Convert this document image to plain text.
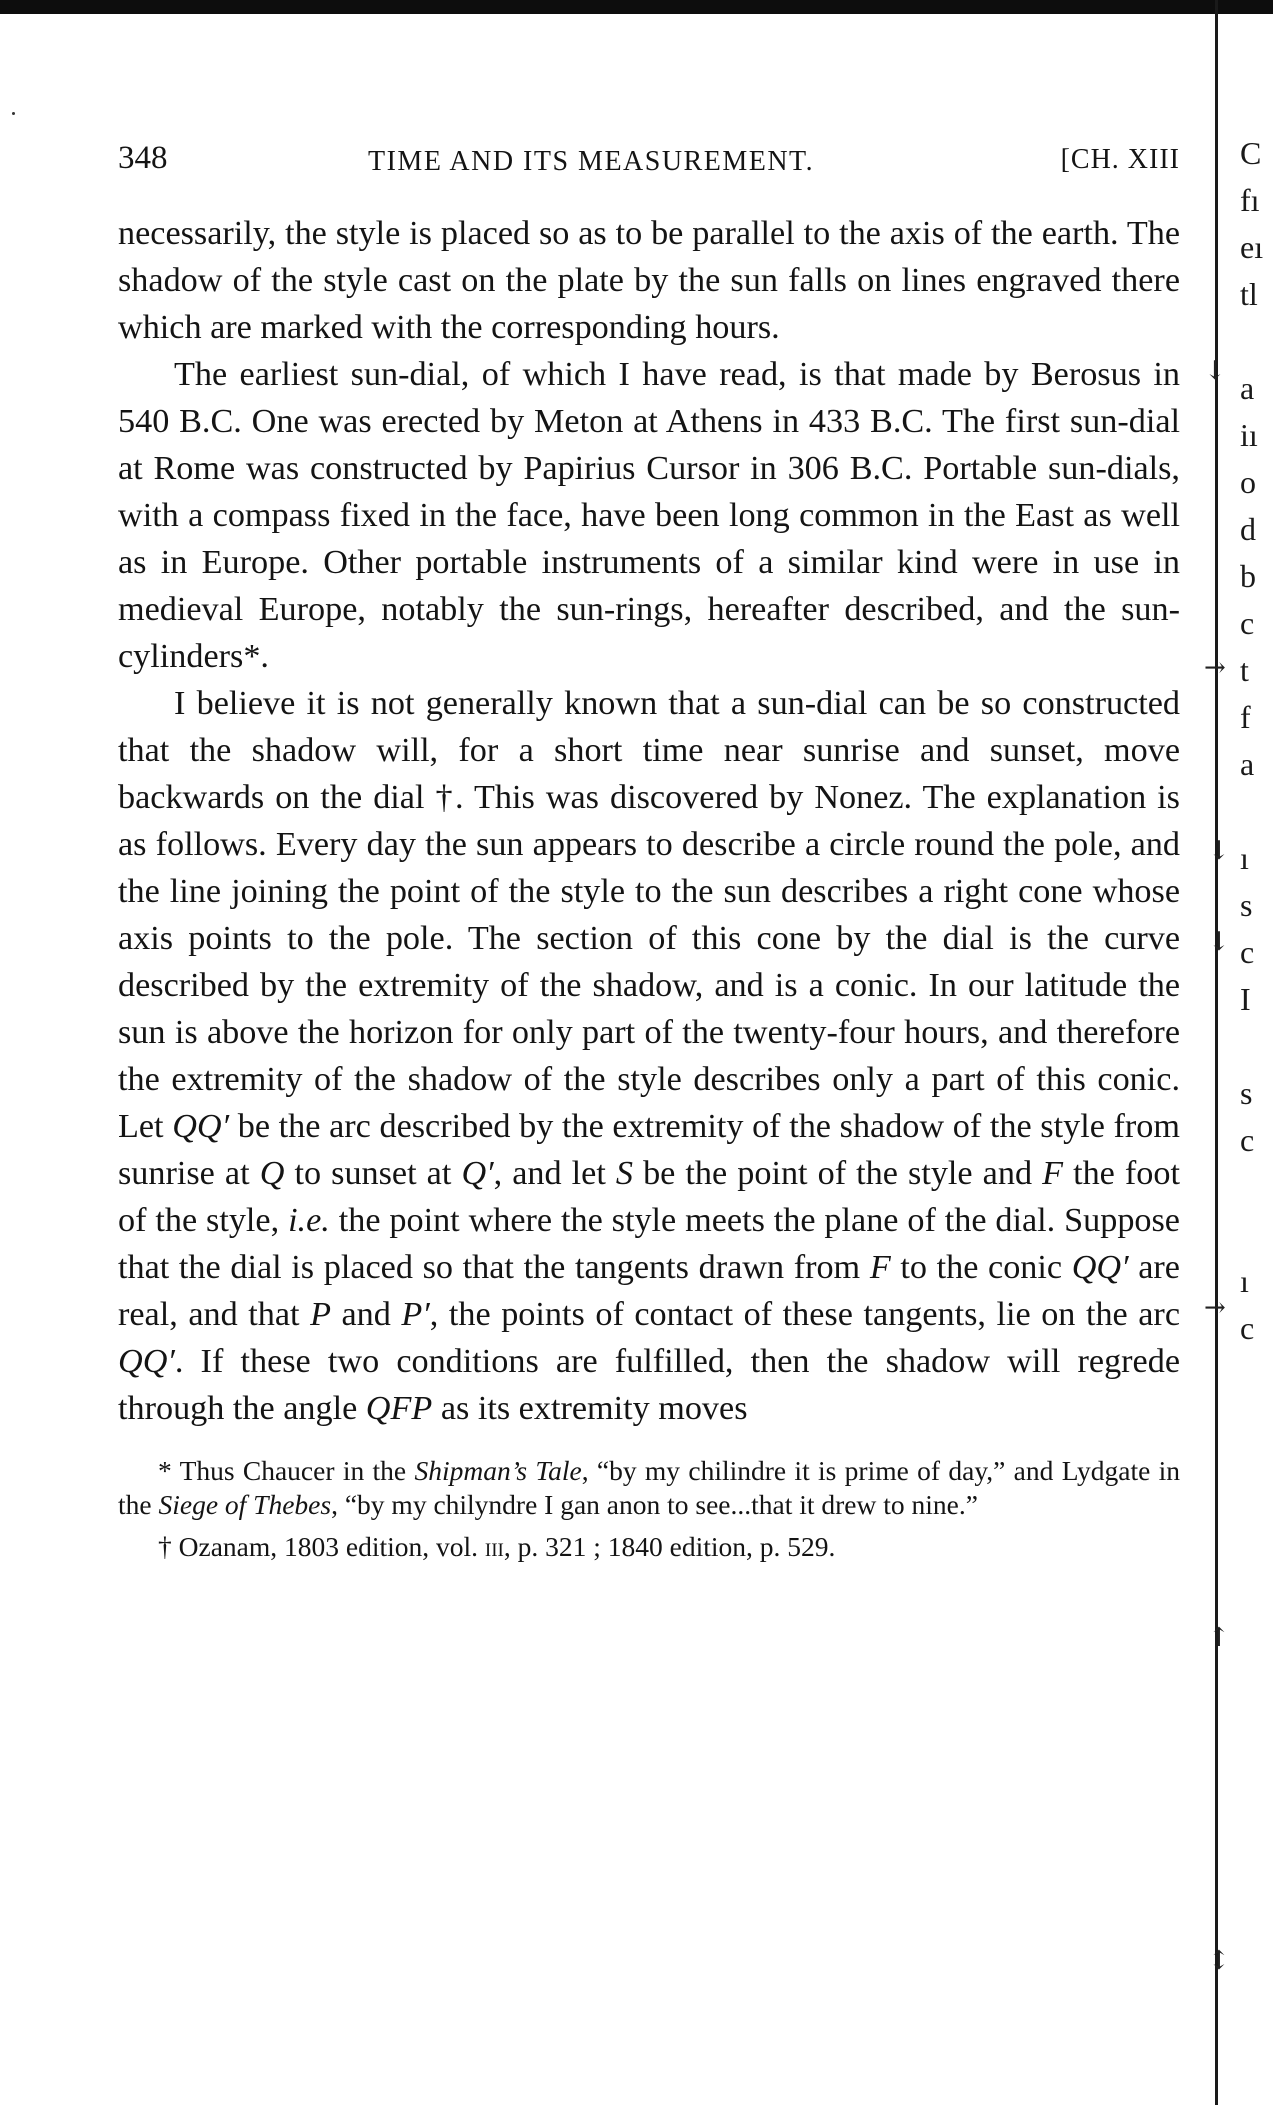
348	TIME AND ITS MEASUREMENT.	[CH. XIII

necessarily, the style is placed so as to be parallel to the axis of the earth. The shadow of the style cast on the plate by the sun falls on lines engraved there which are marked with the corresponding hours.

The earliest sun-dial, of which I have read, is that made by Berosus in 540 B.C. One was erected by Meton at Athens in 433 B.C. The first sun-dial at Rome was constructed by Papirius Cursor in 306 B.C. Portable sun-dials, with a compass fixed in the face, have been long common in the East as well as in Europe. Other portable instruments of a similar kind were in use in medieval Europe, notably the sun-rings, hereafter described, and the sun-cylinders*.

I believe it is not generally known that a sun-dial can be so constructed that the shadow will, for a short time near sunrise and sunset, move backwards on the dial †. This was discovered by Nonez. The explanation is as follows. Every day the sun appears to describe a circle round the pole, and the line joining the point of the style to the sun describes a right cone whose axis points to the pole. The section of this cone by the dial is the curve described by the extremity of the shadow, and is a conic. In our latitude the sun is above the horizon for only part of the twenty-four hours, and therefore the extremity of the shadow of the style describes only a part of this conic. Let QQ′ be the arc described by the extremity of the shadow of the style from sunrise at Q to sunset at Q′, and let S be the point of the style and F the foot of the style, i.e. the point where the style meets the plane of the dial. Suppose that the dial is placed so that the tangents drawn from F to the conic QQ′ are real, and that P and P′, the points of contact of these tangents, lie on the arc QQ′. If these two conditions are fulfilled, then the shadow will regrede through the angle QFP as its extremity moves

* Thus Chaucer in the Shipman’s Tale, “by my chilindre it is prime of day,” and Lydgate in the Siege of Thebes, “by my chilyndre I gan anon to see...that it drew to nine.”

† Ozanam, 1803 edition, vol. iii, p. 321 ; 1840 edition, p. 529.

↓
→
↓
↓
→
↑
↕
C
fı
eı
tl
a
iı
o
d
b
c
t
f
a
ı
s
c
I
s
c
ı
c
